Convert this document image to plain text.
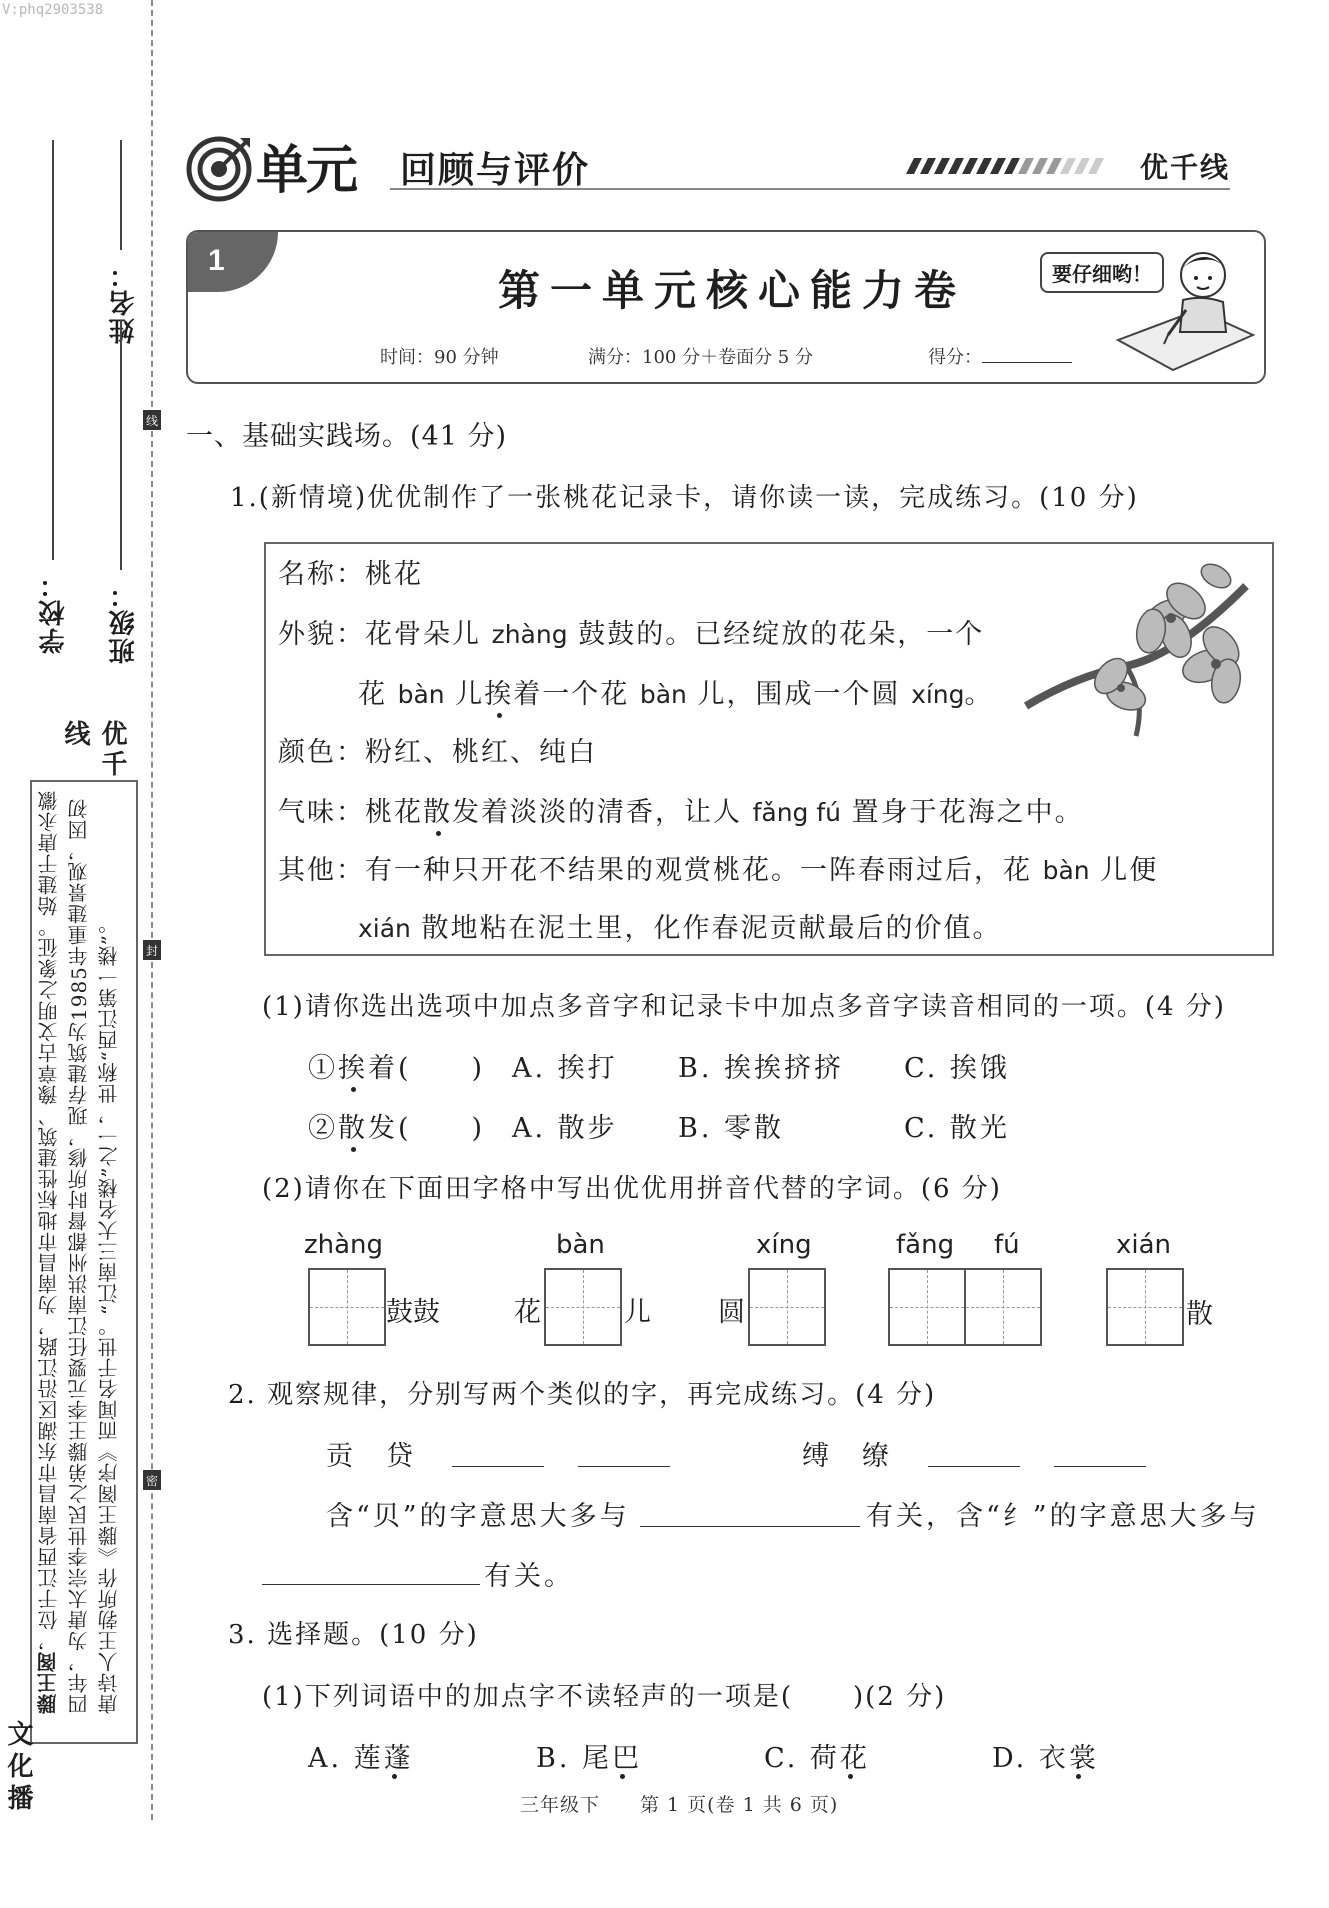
V:phq2903538
姓名：
学校： 班级：
线
封
密
优千线
滕王阁，位于江西省南昌市东湖区沿江路，为南昌市地标性建筑、豫章古文明之象征。始建于唐永徽四年，为唐太宗李世民之弟滕王李元婴任江南洪州都督时所修，现存建筑为1985年重建景观，因初唐诗人王勃所作《滕王阁序》而闻名于世。“江南三大名楼”之一，世称“西江第一楼”。
文化播
单元 回顾与评价	优千线
1
第一单元核心能力卷	要仔细哟！
时间：90 分钟	满分：100 分＋卷面分 5 分	得分：
一、基础实践场。(41 分)
1.(新情境)优优制作了一张桃花记录卡，请你读一读，完成练习。(10 分)
名称：桃花
外貌：花骨朵儿 zhàng 鼓鼓的。已经绽放的花朵，一个
花 bàn 儿挨着一个花 bàn 儿，围成一个圆 xíng。
颜色：粉红、桃红、纯白
气味：桃花散发着淡淡的清香，让人 fǎng fú 置身于花海之中。
其他：有一种只开花不结果的观赏桃花。一阵春雨过后，花 bàn 儿便
xián 散地粘在泥土里，化作春泥贡献最后的价值。
(1)请你选出选项中加点多音字和记录卡中加点多音字读音相同的一项。(4 分)
①挨着( ) A. 挨打 B. 挨挨挤挤 C. 挨饿
②散发( ) A. 散步 B. 零散	C. 散光
(2)请你在下面田字格中写出优优用拼音代替的字词。(6 分)
zhàng
鼓鼓
bàn
花	儿
xíng
圆
fǎng fú	xián
散
2. 观察规律，分别写两个类似的字，再完成练习。(4 分)
贡　贷	缚　缭
含“贝”的字意思大多与	有关，含“纟”的字意思大多与
有关。
3. 选择题。(10 分)
(1)下列词语中的加点字不读轻声的一项是( )(2 分)
A. 莲蓬	B. 尾巴	C. 荷花	D. 衣裳
三年级下　　第 1 页(卷 1 共 6 页)
